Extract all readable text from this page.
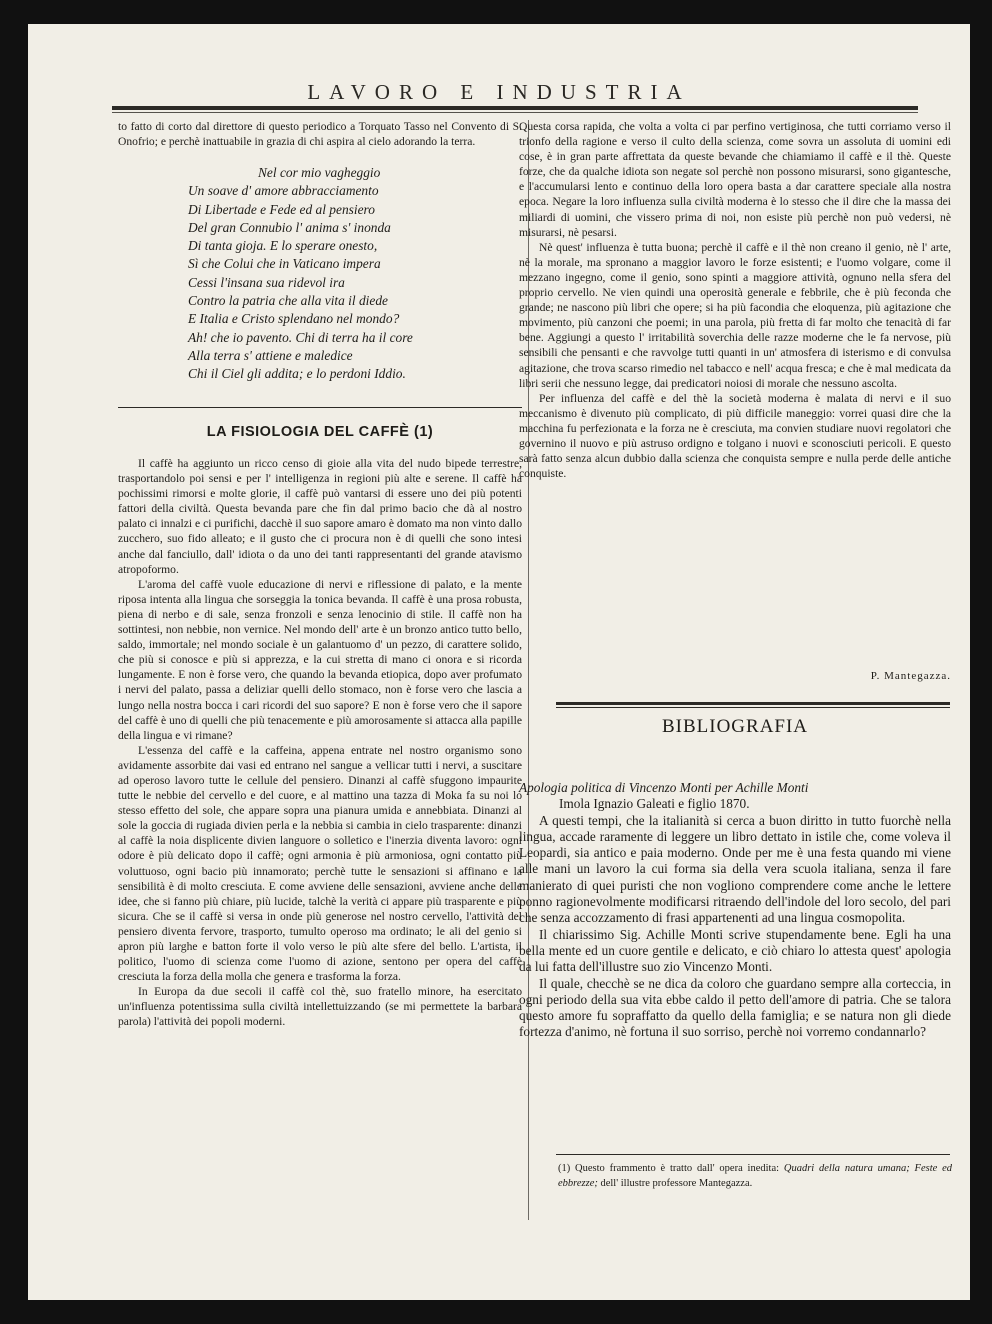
LAVORO E INDUSTRIA

to fatto di corto dal direttore di questo periodico a Torquato Tasso nel Convento di S. Onofrio; e perchè inattuabile in grazia di chi aspira al cielo adorando la terra.

Nel cor mio vagheggio
Un soave d' amore abbracciamento
Di Libertade e Fede ed al pensiero
Del gran Connubio l' anima s' inonda
Di tanta gioja. E lo sperare onesto,
Sì che Colui che in Vaticano impera
Cessi l'insana sua ridevol ira
Contro la patria che alla vita il diede
E Italia e Cristo splendano nel mondo?
Ah! che io pavento. Chi di terra ha il core
Alla terra s' attiene e maledice
Chi il Ciel gli addita; e lo perdoni Iddio.
LA FISIOLOGIA DEL CAFFÈ (1)

Il caffè ha aggiunto un ricco censo di gioie alla vita del nudo bipede terrestre, trasportandolo poi sensi e per l' intelligenza in regioni più alte e serene. Il caffè ha pochissimi rimorsi e molte glorie, il caffè può vantarsi di essere uno dei più potenti fattori della civiltà. Questa bevanda pare che fin dal primo bacio che dà al nostro palato ci innalzi e ci purifichi, dacchè il suo sapore amaro è domato ma non vinto dallo zucchero, suo fido alleato; e il gusto che ci procura non è di quelli che sono intesi anche dal fanciullo, dall' idiota o da uno dei tanti rappresentanti del grande atavismo atropoformo.

L'aroma del caffè vuole educazione di nervi e riflessione di palato, e la mente riposa intenta alla lingua che sorseggia la tonica bevanda. Il caffè è una prosa robusta, piena di nerbo e di sale, senza fronzoli e senza lenocinio di stile. Il caffè non ha sottintesi, non nebbie, non vernice. Nel mondo dell' arte è un bronzo antico tutto bello, saldo, immortale; nel mondo sociale è un galantuomo d' un pezzo, di carattere solido, che più si conosce e più si apprezza, e la cui stretta di mano ci onora e si ricorda lungamente. E non è forse vero, che quando la bevanda etiopica, dopo aver profumato i nervi del palato, passa a deliziar quelli dello stomaco, non è forse vero che lascia a lungo nella nostra bocca i cari ricordi del suo sapore? E non è forse vero che il sapore del caffè è uno di quelli che più tenacemente e più amorosamente si attacca alla papille della lingua e vi rimane?

L'essenza del caffè e la caffeina, appena entrate nel nostro organismo sono avidamente assorbite dai vasi ed entrano nel sangue a vellicar tutti i nervi, a suscitare ad operoso lavoro tutte le cellule del pensiero. Dinanzi al caffè sfuggono impaurite tutte le nebbie del cervello e del cuore, e al mattino una tazza di Moka fa su noi lo stesso effetto del sole, che appare sopra una pianura umida e annebbiata. Dinanzi al sole la goccia di rugiada divien perla e la nebbia si cambia in cielo trasparente: dinanzi al caffè la noia displicente divien languore o solletico e l'inerzia diventa lavoro: ogni odore è più delicato dopo il caffè; ogni armonia è più armoniosa, ogni contatto più voluttuoso, ogni bacio più innamorato; perchè tutte le sensazioni si affinano e la sensibilità è di molto cresciuta. E come avviene delle sensazioni, avviene anche delle idee, che si fanno più chiare, più lucide, talchè la verità ci appare più trasparente e più sicura. Che se il caffè si versa in onde più generose nel nostro cervello, l'attività del pensiero diventa fervore, trasporto, tumulto operoso ma ordinato; le ali del genio si apron più larghe e batton forte il volo verso le più alte sfere del bello. L'artista, il politico, l'uomo di scienza come l'uomo di azione, sentono per opera del caffè cresciuta la forza della molla che genera e trasforma la forza.

In Europa da due secoli il caffè col thè, suo fratello minore, ha esercitato un'influenza potentissima sulla civiltà intellettuizzando (se mi permettete la barbara parola) l'attività dei popoli moderni.

Questa corsa rapida, che volta a volta ci par perfino vertiginosa, che tutti corriamo verso il trionfo della ragione e verso il culto della scienza, come sovra un assoluta di uomini edi cose, è in gran parte affrettata da queste bevande che chiamiamo il caffè e il thè. Queste forze, che da qualche idiota son negate sol perchè non possono misurarsi, sono gigantesche, e l'accumularsi lento e continuo della loro opera basta a dar carattere speciale alla nostra epoca. Negare la loro influenza sulla civiltà moderna è lo stesso che il dire che la massa dei miliardi di uomini, che vissero prima di noi, non esiste più perchè non può vedersi, nè misurarsi, nè pesarsi.

Nè quest' influenza è tutta buona; perchè il caffè e il thè non creano il genio, nè l' arte, nè la morale, ma spronano a maggior lavoro le forze esistenti; e l'uomo volgare, come il mezzano ingegno, come il genio, sono spinti a maggiore attività, ognuno nella sfera del proprio cervello. Ne vien quindi una operosità generale e febbrile, che è più feconda che grande; ne nascono più libri che opere; si ha più facondia che eloquenza, più agitazione che movimento, più canzoni che poemi; in una parola, più fretta di far molto che tenacità di far bene. Aggiungi a questo l' irritabilità soverchia delle razze moderne che le fa nervose, più sensibili che pensanti e che ravvolge tutti quanti in un' atmosfera di isterismo e di convulsa agitazione, che trova scarso rimedio nel tabacco e nell' acqua fresca; e che è mal medicata da libri serii che nessuno legge, dai predicatori noiosi di morale che nessuno ascolta.

Per influenza del caffè e del thè la società moderna è malata di nervi e il suo meccanismo è divenuto più complicato, di più difficile maneggio: vorrei quasi dire che la macchina fu perfezionata e la forza ne è cresciuta, ma convien studiare nuovi regolatori che governino il nuovo e più astruso ordigno e tolgano i nuovi e sconosciuti pericoli. E questo sarà fatto senza alcun dubbio dalla scienza che conquista sempre e nulla perde delle antiche conquiste.

P. Mantegazza.
BIBLIOGRAFIA

Apologia politica di Vincenzo Monti per Achille Monti

Imola Ignazio Galeati e figlio 1870.

A questi tempi, che la italianità si cerca a buon diritto in tutto fuorchè nella lingua, accade raramente di leggere un libro dettato in istile che, come voleva il Leopardi, sia antico e paia moderno. Onde per me è una festa quando mi viene alle mani un lavoro la cui forma sia della vera scuola italiana, senza il fare manierato di quei puristi che non vogliono comprendere come anche le lettere ponno ragionevolmente modificarsi ritraendo dell'indole del loro secolo, del pari che senza accozzamento di frasi appartenenti ad una lingua cosmopolita.

Il chiarissimo Sig. Achille Monti scrive stupendamente bene. Egli ha una bella mente ed un cuore gentile e delicato, e ciò chiaro lo attesta quest' apologia da lui fatta dell'illustre suo zio Vincenzo Monti.

Il quale, checchè se ne dica da coloro che guardano sempre alla corteccia, in ogni periodo della sua vita ebbe caldo il petto dell'amore di patria. Che se talora questo amore fu sopraffatto da quello della famiglia; e se natura non gli diede fortezza d'animo, nè fortuna il suo sorriso, perchè noi vorremo condannarlo?

(1) Questo frammento è tratto dall' opera inedita: Quadri della natura umana; Feste ed ebbrezze; dell' illustre professore Mantegazza.
